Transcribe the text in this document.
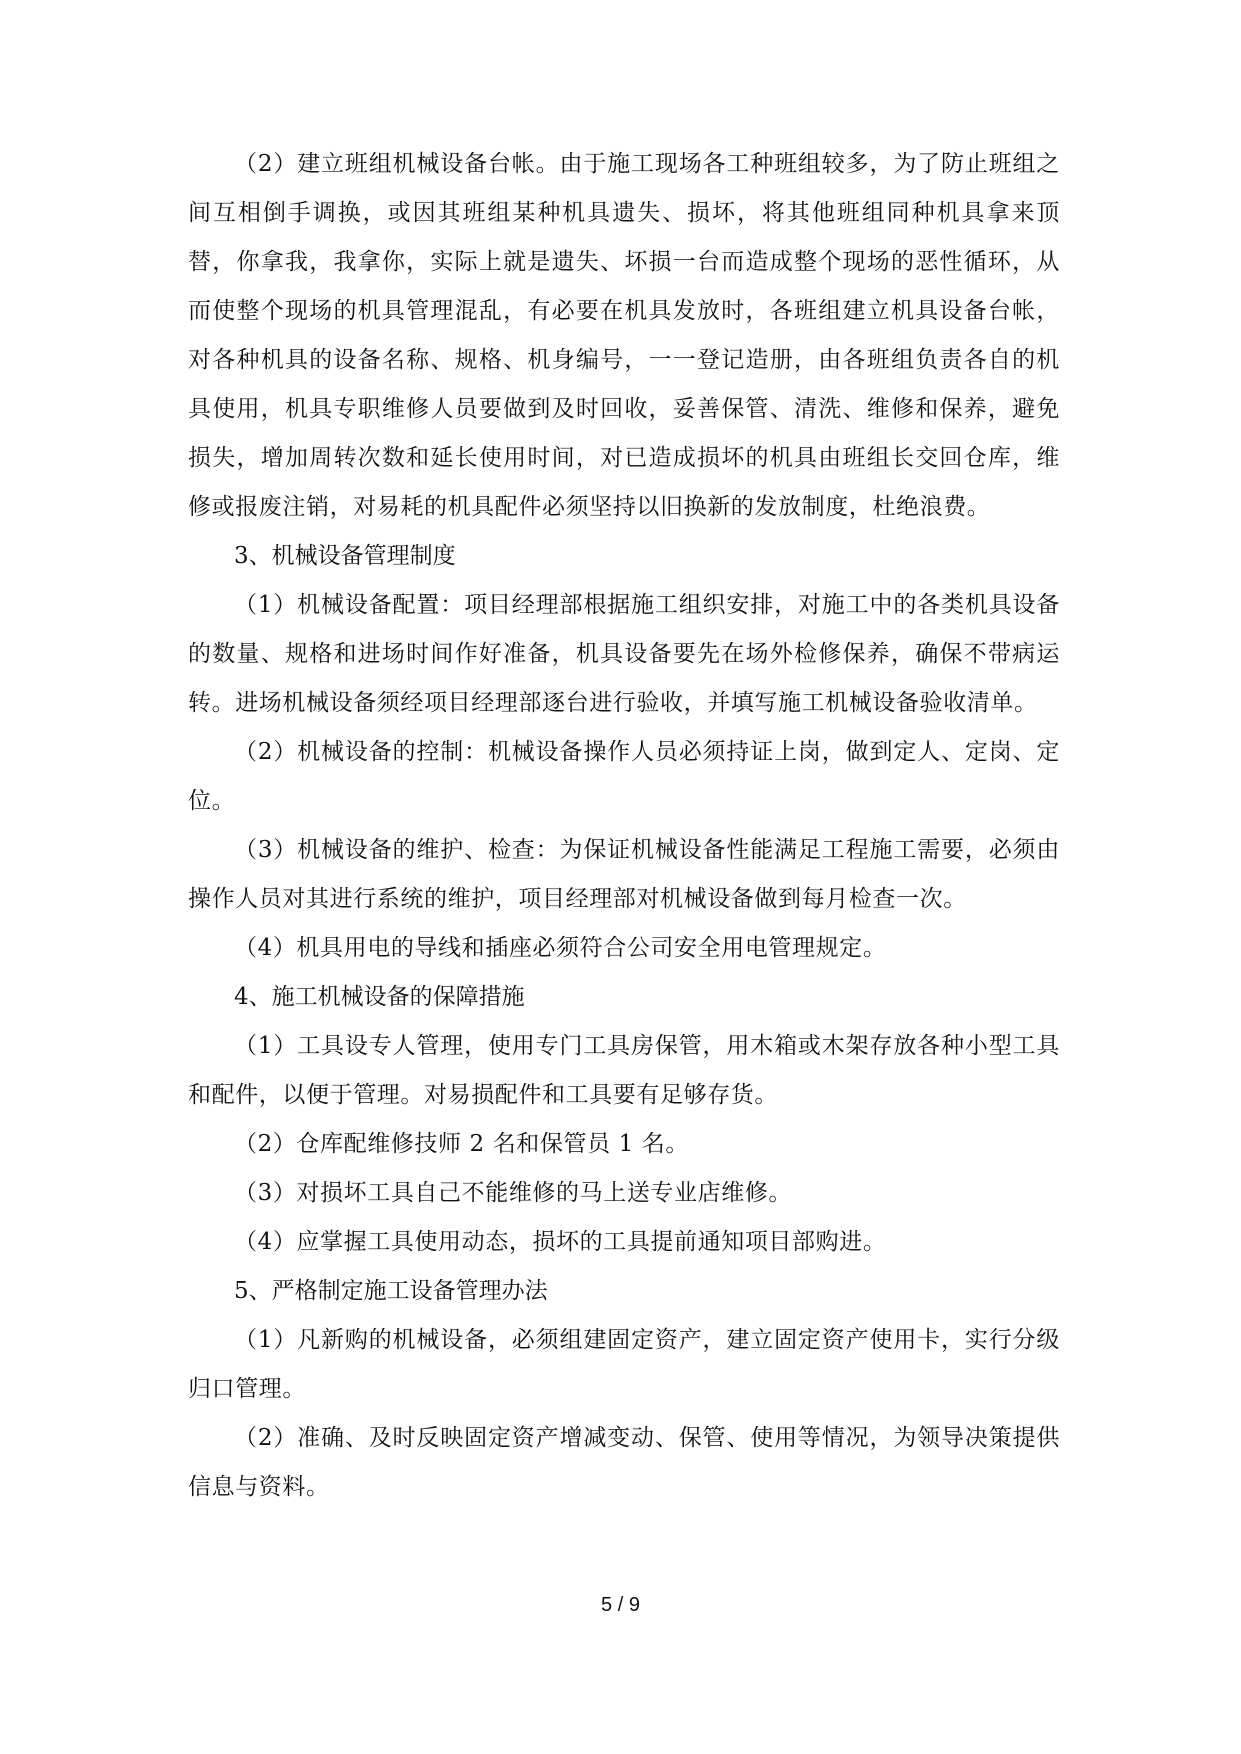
（2）建立班组机械设备台帐。由于施工现场各工种班组较多，为了防止班组之间互相倒手调换，或因其班组某种机具遗失、损坏，将其他班组同种机具拿来顶替，你拿我，我拿你，实际上就是遗失、坏损一台而造成整个现场的恶性循环，从而使整个现场的机具管理混乱，有必要在机具发放时，各班组建立机具设备台帐，对各种机具的设备名称、规格、机身编号，一一登记造册，由各班组负责各自的机具使用，机具专职维修人员要做到及时回收，妥善保管、清洗、维修和保养，避免损失，增加周转次数和延长使用时间，对已造成损坏的机具由班组长交回仓库，维修或报废注销，对易耗的机具配件必须坚持以旧换新的发放制度，杜绝浪费。

3、机械设备管理制度

（1）机械设备配置：项目经理部根据施工组织安排，对施工中的各类机具设备的数量、规格和进场时间作好准备，机具设备要先在场外检修保养，确保不带病运转。进场机械设备须经项目经理部逐台进行验收，并填写施工机械设备验收清单。

（2）机械设备的控制：机械设备操作人员必须持证上岗，做到定人、定岗、定位。

（3）机械设备的维护、检查：为保证机械设备性能满足工程施工需要，必须由操作人员对其进行系统的维护，项目经理部对机械设备做到每月检查一次。

（4）机具用电的导线和插座必须符合公司安全用电管理规定。

4、施工机械设备的保障措施

（1）工具设专人管理，使用专门工具房保管，用木箱或木架存放各种小型工具和配件，以便于管理。对易损配件和工具要有足够存货。

（2）仓库配维修技师 2 名和保管员 1 名。

（3）对损坏工具自己不能维修的马上送专业店维修。

（4）应掌握工具使用动态，损坏的工具提前通知项目部购进。

5、严格制定施工设备管理办法

（1）凡新购的机械设备，必须组建固定资产，建立固定资产使用卡，实行分级归口管理。

（2）准确、及时反映固定资产增减变动、保管、使用等情况，为领导决策提供信息与资料。

5 / 9
